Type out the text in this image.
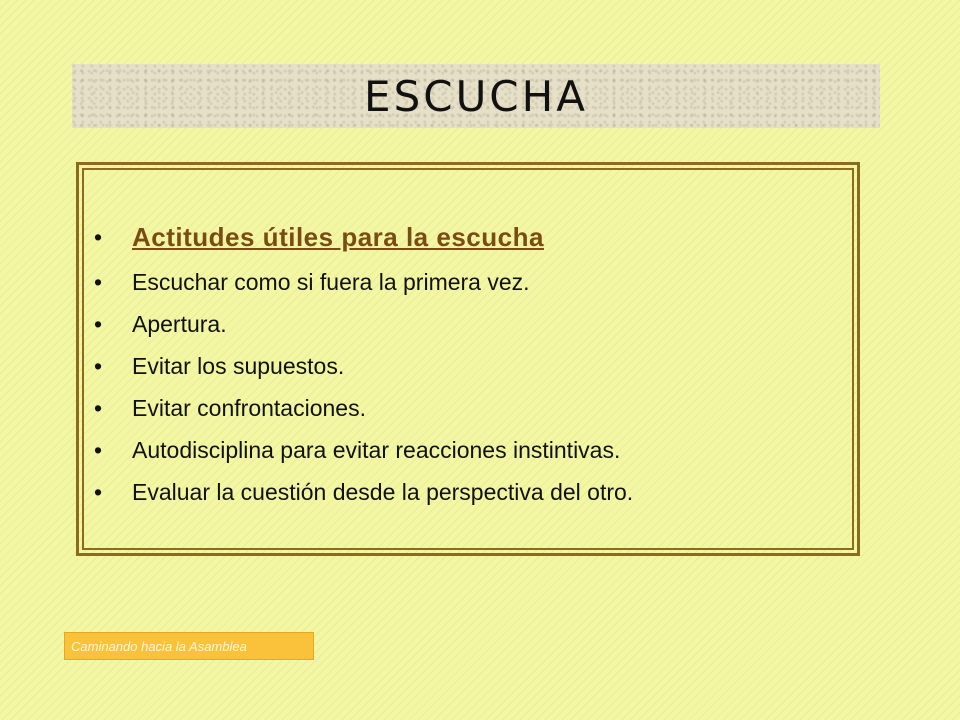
ESCUCHA
• Actitudes útiles para la escucha
• Escuchar como si fuera la primera vez.
• Apertura.
• Evitar los supuestos.
• Evitar confrontaciones.
• Autodisciplina para evitar reacciones instintivas.
• Evaluar la cuestión desde la perspectiva del otro.
Caminando hacia la Asamblea
